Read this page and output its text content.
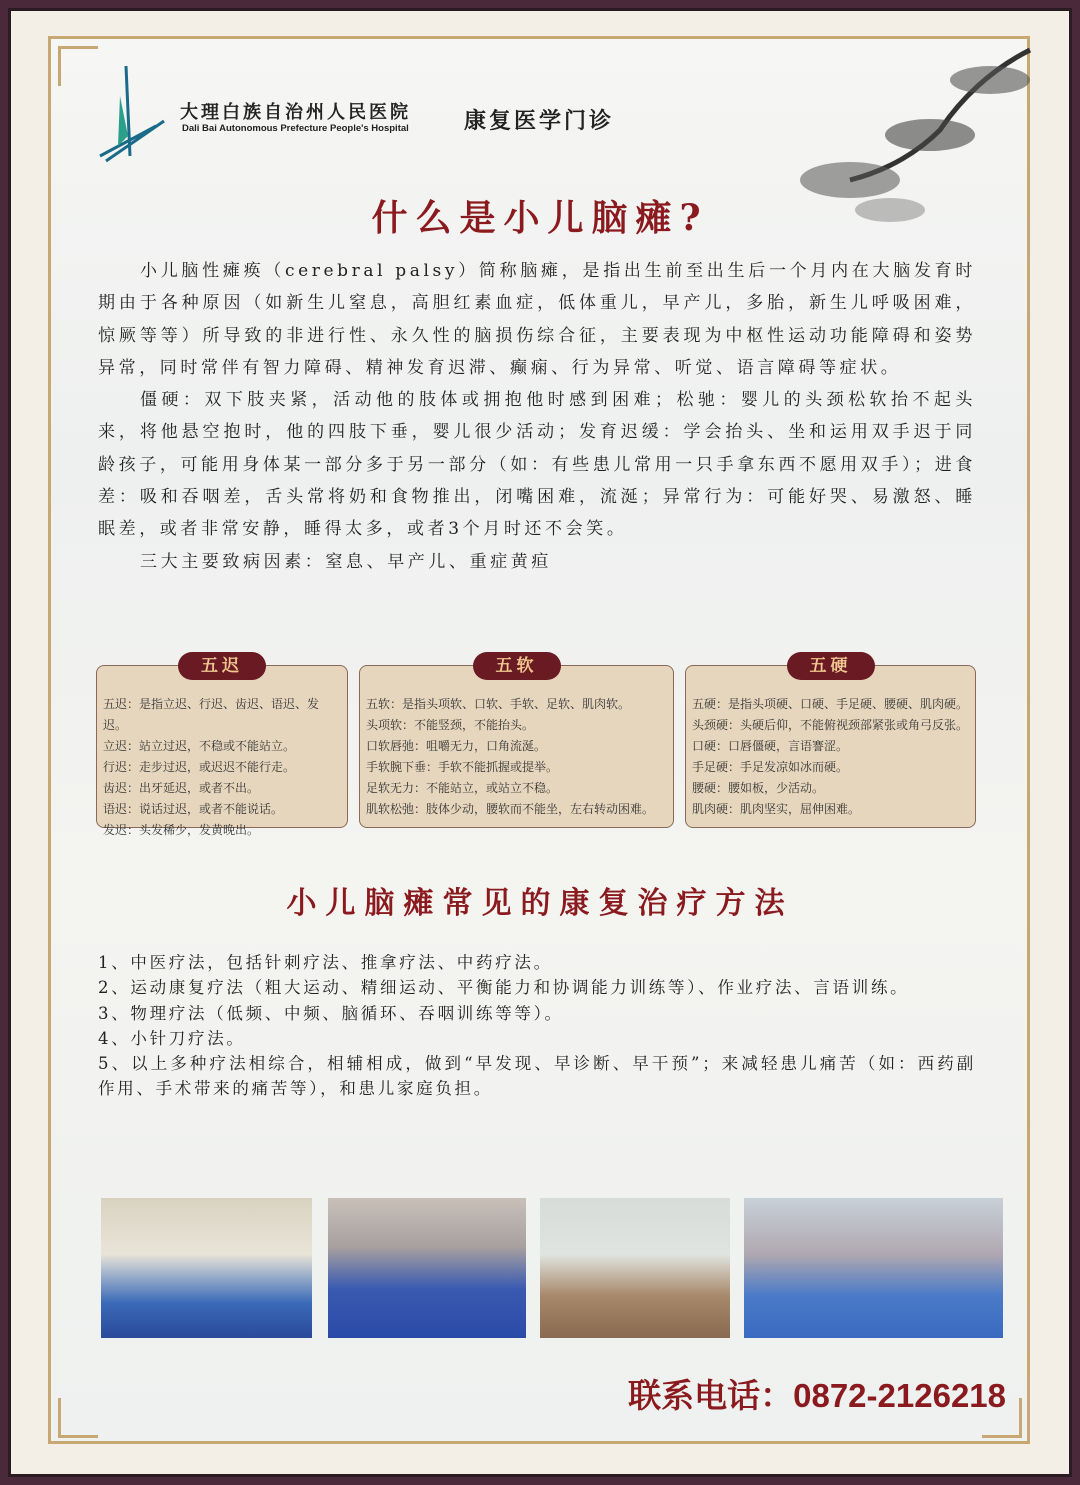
大理白族自治州人民医院
Dali Bai Autonomous Prefecture People's Hospital	康复医学门诊
什么是小儿脑瘫?

小儿脑性瘫痪（cerebral palsy）简称脑瘫，是指出生前至出生后一个月内在大脑发育时期由于各种原因（如新生儿窒息，高胆红素血症，低体重儿，早产儿，多胎，新生儿呼吸困难，惊厥等等）所导致的非进行性、永久性的脑损伤综合征，主要表现为中枢性运动功能障碍和姿势异常，同时常伴有智力障碍、精神发育迟滞、癫痫、行为异常、听觉、语言障碍等症状。

僵硬：双下肢夹紧，活动他的肢体或拥抱他时感到困难；松驰：婴儿的头颈松软抬不起头来，将他悬空抱时，他的四肢下垂，婴儿很少活动；发育迟缓：学会抬头、坐和运用双手迟于同龄孩子，可能用身体某一部分多于另一部分（如：有些患儿常用一只手拿东西不愿用双手）；进食差：吸和吞咽差，舌头常将奶和食物推出，闭嘴困难，流涎；异常行为：可能好哭、易激怒、睡眠差，或者非常安静，睡得太多，或者3个月时还不会笑。

三大主要致病因素：窒息、早产儿、重症黄疸

五迟
五迟：是指立迟、行迟、齿迟、语迟、发迟。
立迟：站立过迟，不稳或不能站立。
行迟：走步过迟，或迟迟不能行走。
齿迟：出牙延迟，或者不出。
语迟：说话过迟，或者不能说话。
发迟：头发稀少，发黄晚出。
五软
五软：是指头项软、口软、手软、足软、肌肉软。
头项软：不能竖颈，不能抬头。
口软唇弛：咀嚼无力，口角流涎。
手软腕下垂：手软不能抓握或提举。
足软无力：不能站立，或站立不稳。
肌软松弛：肢体少动，腰软而不能坐，左右转动困难。
五硬
五硬：是指头项硬、口硬、手足硬、腰硬、肌肉硬。
头颈硬：头硬后仰，不能俯视颈部紧张或角弓反张。
口硬：口唇僵硬，言语謇涩。
手足硬：手足发凉如冰而硬。
腰硬：腰如板，少活动。
肌肉硬：肌肉坚实，屈伸困难。
小儿脑瘫常见的康复治疗方法
1、中医疗法，包括针刺疗法、推拿疗法、中药疗法。
2、运动康复疗法（粗大运动、精细运动、平衡能力和协调能力训练等）、作业疗法、言语训练。
3、物理疗法（低频、中频、脑循环、吞咽训练等等）。
4、小针刀疗法。
5、以上多种疗法相综合，相辅相成，做到“早发现、早诊断、早干预”；来减轻患儿痛苦（如：西药副作用、手术带来的痛苦等），和患儿家庭负担。
联系电话：0872-2126218
